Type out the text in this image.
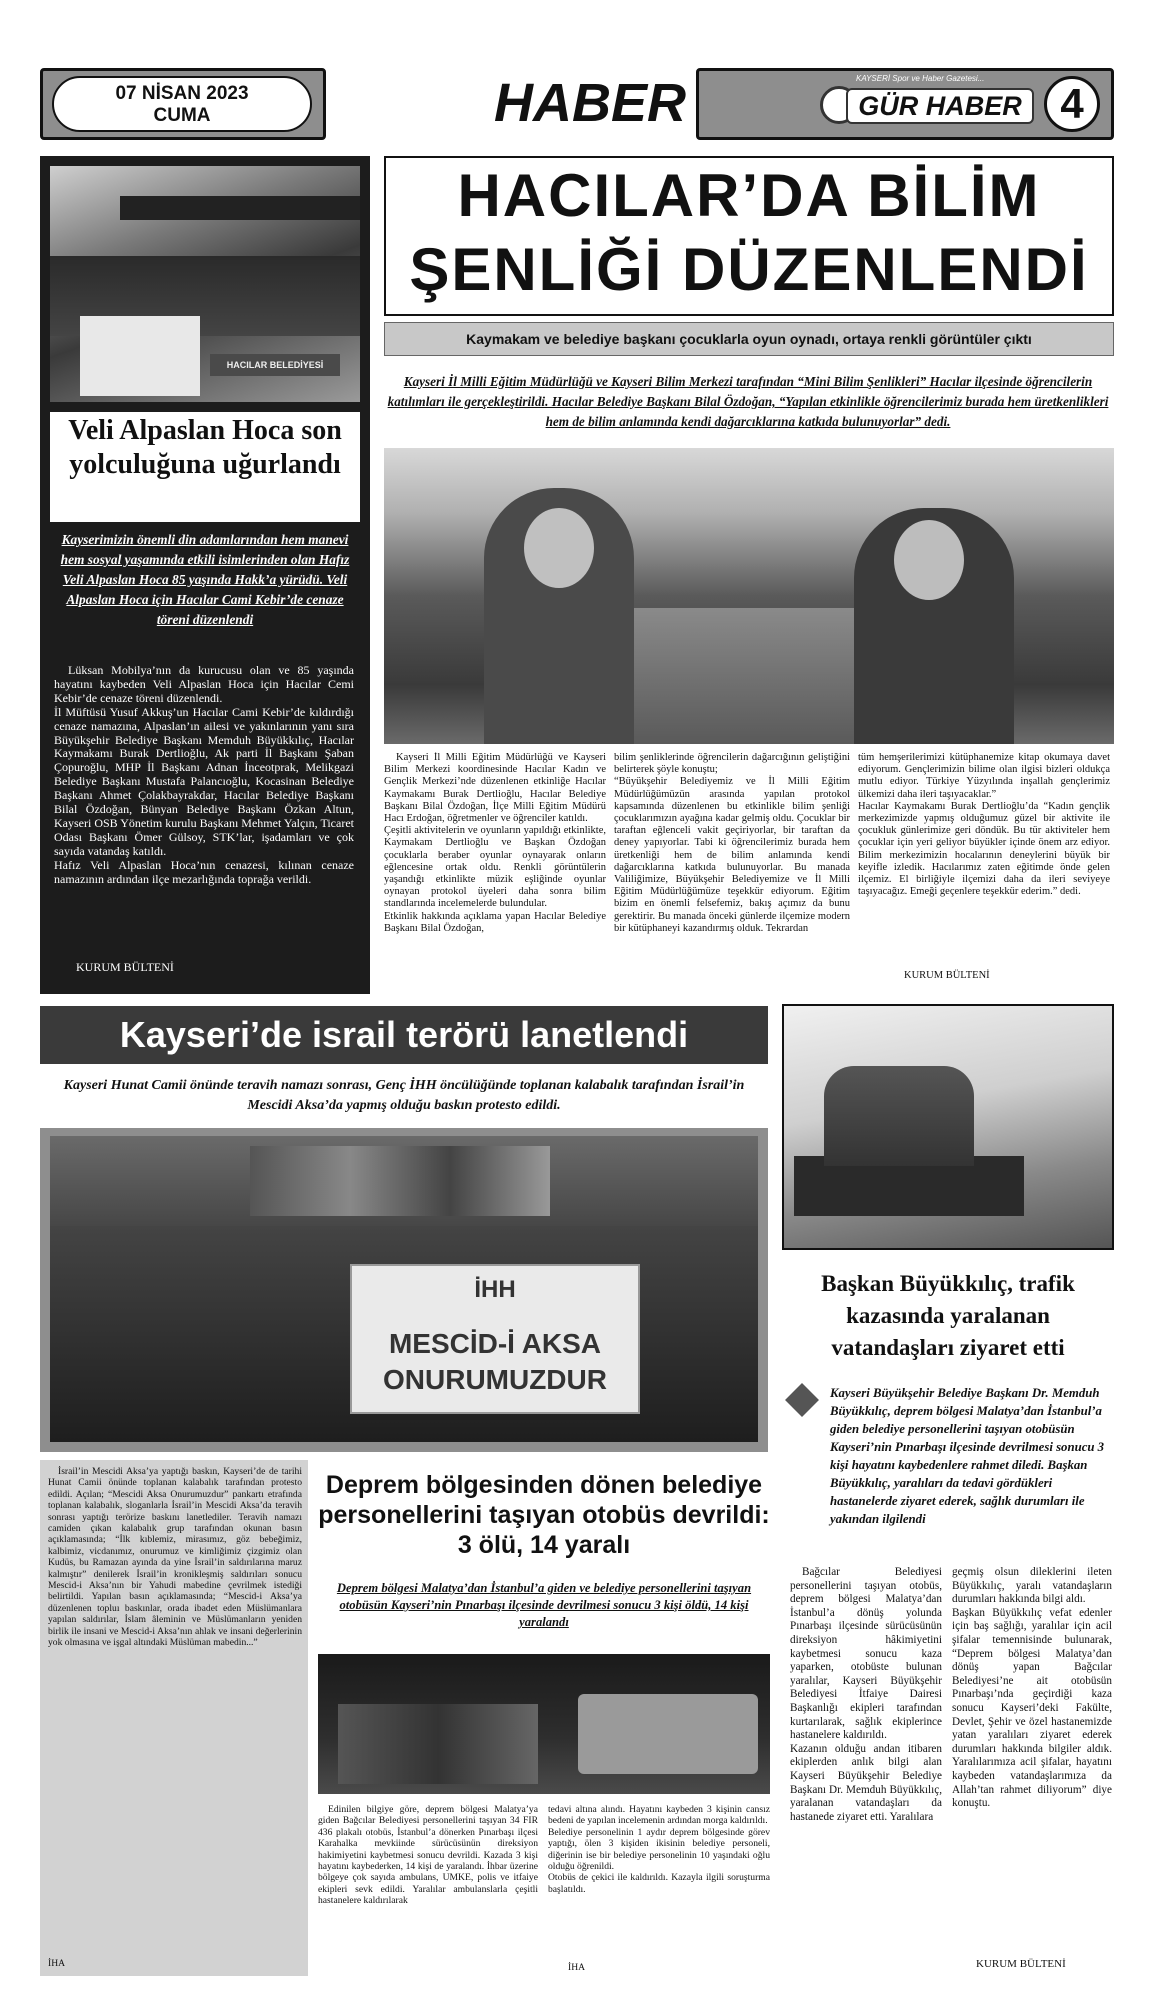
07 NİSAN 2023
CUMA	HABER	KAYSERİ Spor ve Haber Gazetesi...
GÜR HABER 4
HACILAR BELEDİYESİ
Veli Alpaslan Hoca son yolculuğuna uğurlandı
Kayserimizin önemli din adamlarından hem manevi hem sosyal yaşamında etkili isimlerinden olan Hafız Veli Alpaslan Hoca 85 yaşında Hakk’a yürüdü. Veli Alpaslan Hoca için Hacılar Cami Kebir’de cenaze töreni düzenlendi
Lüksan Mobilya’nın da kurucusu olan ve 85 yaşında hayatını kaybeden Veli Alpaslan Hoca için Hacılar Cemi Kebir’de cenaze töreni düzenlendi.
İl Müftüsü Yusuf Akkuş’un Hacılar Cami Kebir’de kıldırdığı cenaze namazına, Alpaslan’ın ailesi ve yakınlarının yanı sıra Büyükşehir Belediye Başkanı Memduh Büyükkılıç, Hacılar Kaymakamı Burak Dertlioğlu, Ak parti İl Başkanı Şaban Çopuroğlu, MHP İl Başkanı Adnan İnceotprak, Melikgazi Belediye Başkanı Mustafa Palancıoğlu, Kocasinan Belediye Başkanı Ahmet Çolakbayrakdar, Hacılar Belediye Başkanı Bilal Özdoğan, Bünyan Belediye Başkanı Özkan Altun, Kayseri OSB Yönetim kurulu Başkanı Mehmet Yalçın, Ticaret Odası Başkanı Ömer Gülsoy, STK’lar, işadamları ve çok sayıda vatandaş katıldı.
Hafız Veli Alpaslan Hoca’nın cenazesi, kılınan cenaze namazının ardından ilçe mezarlığında toprağa verildi.
KURUM BÜLTENİ
HACILAR’DA BİLİM
ŞENLİĞİ DÜZENLENDİ
Kaymakam ve belediye başkanı çocuklarla oyun oynadı, ortaya renkli görüntüler çıktı
Kayseri İl Milli Eğitim Müdürlüğü ve Kayseri Bilim Merkezi tarafından “Mini Bilim Şenlikleri” Hacılar ilçesinde öğrencilerin katılımları ile gerçekleştirildi. Hacılar Belediye Başkanı Bilal Özdoğan, “Yapılan etkinlikle öğrencilerimiz burada hem üretkenlikleri hem de bilim anlamında kendi dağarcıklarına katkıda bulunuyorlar” dedi.
Kayseri İl Milli Eğitim Müdürlüğü ve Kayseri Bilim Merkezi koordinesinde Hacılar Kadın ve Gençlik Merkezi’nde düzenlenen etkinliğe Hacılar Kaymakamı Burak Dertlioğlu, Hacılar Belediye Başkanı Bilal Özdoğan, İlçe Milli Eğitim Müdürü Hacı Erdoğan, öğretmenler ve öğrenciler katıldı.
Çeşitli aktivitelerin ve oyunların yapıldığı etkinlikte, Kaymakam Dertlioğlu ve Başkan Özdoğan çocuklarla beraber oyunlar oynayarak onların eğlencesine ortak oldu. Renkli görüntülerin yaşandığı etkinlikte müzik eşliğinde oyunlar oynayan protokol üyeleri daha sonra bilim standlarında incelemelerde bulundular.
Etkinlik hakkında açıklama yapan Hacılar Belediye Başkanı Bilal Özdoğan,
bilim şenliklerinde öğrencilerin dağarcığının geliştiğini belirterek şöyle konuştu;
“Büyükşehir Belediyemiz ve İl Milli Eğitim Müdürlüğümüzün arasında yapılan protokol kapsamında düzenlenen bu etkinlikle bilim şenliği çocuklarımızın ayağına kadar gelmiş oldu. Çocuklar bir taraftan eğlenceli vakit geçiriyorlar, bir taraftan da deney yapıyorlar. Tabi ki öğrencilerimiz burada hem üretkenliği hem de bilim anlamında kendi dağarcıklarına katkıda bulunuyorlar. Bu manada Valiliğimize, Büyükşehir Belediyemize ve İl Milli Eğitim Müdürlüğümüze teşekkür ediyorum. Eğitim bizim en önemli felsefemiz, bakış açımız da bunu gerektirir. Bu manada önceki günlerde ilçemize modern bir kütüphaneyi kazandırmış olduk. Tekrardan
tüm hemşerilerimizi kütüphanemize kitap okumaya davet ediyorum. Gençlerimizin bilime olan ilgisi bizleri oldukça mutlu ediyor. Türkiye Yüzyılında inşallah gençlerimiz ülkemizi daha ileri taşıyacaklar.”
Hacılar Kaymakamı Burak Dertlioğlu’da “Kadın gençlik merkezimizde yapmış olduğumuz güzel bir aktivite ile çocukluk günlerimize geri döndük. Bu tür aktiviteler hem çocuklar için yeri geliyor büyükler içinde önem arz ediyor. Bilim merkezimizin hocalarının deneylerini büyük bir keyifle izledik. Hacılarımız zaten eğitimde önde gelen ilçemiz. El birliğiyle ilçemizi daha da ileri seviyeye taşıyacağız. Emeği geçenlere teşekkür ederim.” dedi.
KURUM BÜLTENİ
Kayseri’de israil terörü lanetlendi
Kayseri Hunat Camii önünde teravih namazı sonrası, Genç İHH öncülüğünde toplanan kalabalık tarafından İsrail’in Mescidi Aksa’da yapmış olduğu baskın protesto edildi.
İHH
MESCİD-İ AKSA
ONURUMUZDUR
İsrail’in Mescidi Aksa’ya yaptığı baskın, Kayseri’de de tarihi Hunat Camii önünde toplanan kalabalık tarafından protesto edildi. Açılan; “Mescidi Aksa Onurumuzdur” pankartı etrafında toplanan kalabalık, sloganlarla İsrail’in Mescidi Aksa’da teravih sonrası yaptığı terörize baskını lanetlediler. Teravih namazı camiden çıkan kalabalık grup tarafından okunan basın açıklamasında; “İlk kıblemiz, mirasımız, göz bebeğimiz, kalbimiz, vicdanımız, onurumuz ve kimliğimiz çizgimiz olan Kudüs, bu Ramazan ayında da yine İsrail’in saldırılarına maruz kalmıştır” denilerek İsrail’in kronikleşmiş saldırıları sonucu Mescid-i Aksa’nın bir Yahudi mabedine çevrilmek istediği belirtildi. Yapılan basın açıklamasında; “Mescid-i Aksa’ya düzenlenen topluı baskınlar, orada ibadet eden Müslümanlara yapılan saldırılar, İslam âleminin ve Müslümanların yeniden birlik ile insani ve Mescid-i Aksa’nın ahlak ve insani değerlerinin yok olmasına ve işgal altındaki Müslüman mabedin...”
İHA
Başkan Büyükkılıç, trafik kazasında yaralanan vatandaşları ziyaret etti
Kayseri Büyükşehir Belediye Başkanı Dr. Memduh Büyükkılıç, deprem bölgesi Malatya’dan İstanbul’a giden belediye personellerini taşıyan otobüsün Kayseri’nin Pınarbaşı ilçesinde devrilmesi sonucu 3 kişi hayatını kaybedenlere rahmet diledi. Başkan Büyükkılıç, yaralıları da tedavi gördükleri hastanelerde ziyaret ederek, sağlık durumları ile yakından ilgilendi
Bağcılar Belediyesi personellerini taşıyan otobüs, deprem bölgesi Malatya’dan İstanbul’a dönüş yolunda Pınarbaşı ilçesinde sürücüsünün direksiyon hâkimiyetini kaybetmesi sonucu kaza yaparken, otobüste bulunan yaralılar, Kayseri Büyükşehir Belediyesi İtfaiye Dairesi Başkanlığı ekipleri tarafından kurtarılarak, sağlık ekiplerince hastanelere kaldırıldı.
Kazanın olduğu andan itibaren ekiplerden anlık bilgi alan Kayseri Büyükşehir Belediye Başkanı Dr. Memduh Büyükkılıç, yaralanan vatandaşları da hastanede ziyaret etti. Yaralılara
geçmiş olsun dileklerini ileten Büyükkılıç, yaralı vatandaşların durumları hakkında bilgi aldı.
Başkan Büyükkılıç vefat edenler için baş sağlığı, yaralılar için acil şifalar temennisinde bulunarak, “Deprem bölgesi Malatya’dan dönüş yapan Bağcılar Belediyesi’ne ait otobüsün Pınarbaşı’nda geçirdiği kaza sonucu Kayseri’deki Fakülte, Devlet, Şehir ve özel hastanemizde yatan yaralıları ziyaret ederek durumları hakkında bilgiler aldık. Yaralılarımıza acil şifalar, hayatını kaybeden vatandaşlarımıza da Allah’tan rahmet diliyorum” diye konuştu.
KURUM BÜLTENİ
Deprem bölgesinden dönen belediye personellerini taşıyan otobüs devrildi: 3 ölü, 14 yaralı
Deprem bölgesi Malatya’dan İstanbul’a giden ve belediye personellerini taşıyan otobüsün Kayseri’nin Pınarbaşı ilçesinde devrilmesi sonucu 3 kişi öldü, 14 kişi yaralandı
Edinilen bilgiye göre, deprem bölgesi Malatya’ya giden Bağcılar Belediyesi personellerini taşıyan 34 FIR 436 plakalı otobüs, İstanbul’a dönerken Pınarbaşı ilçesi Karahalka mevkiinde sürücüsünün direksiyon hakimiyetini kaybetmesi sonucu devrildi. Kazada 3 kişi hayatını kaybederken, 14 kişi de yaralandı. İhbar üzerine bölgeye çok sayıda ambulans, UMKE, polis ve itfaiye ekipleri sevk edildi. Yaralılar ambulanslarla çeşitli hastanelere kaldırılarak
tedavi altına alındı. Hayatını kaybeden 3 kişinin cansız bedeni de yapılan incelemenin ardından morga kaldırıldı.
Belediye personelinin 1 aydır deprem bölgesinde görev yaptığı, ölen 3 kişiden ikisinin belediye personeli, diğerinin ise bir belediye personelinin 10 yaşındaki oğlu olduğu öğrenildi.
Otobüs de çekici ile kaldırıldı. Kazayla ilgili soruşturma başlatıldı.
İHA
